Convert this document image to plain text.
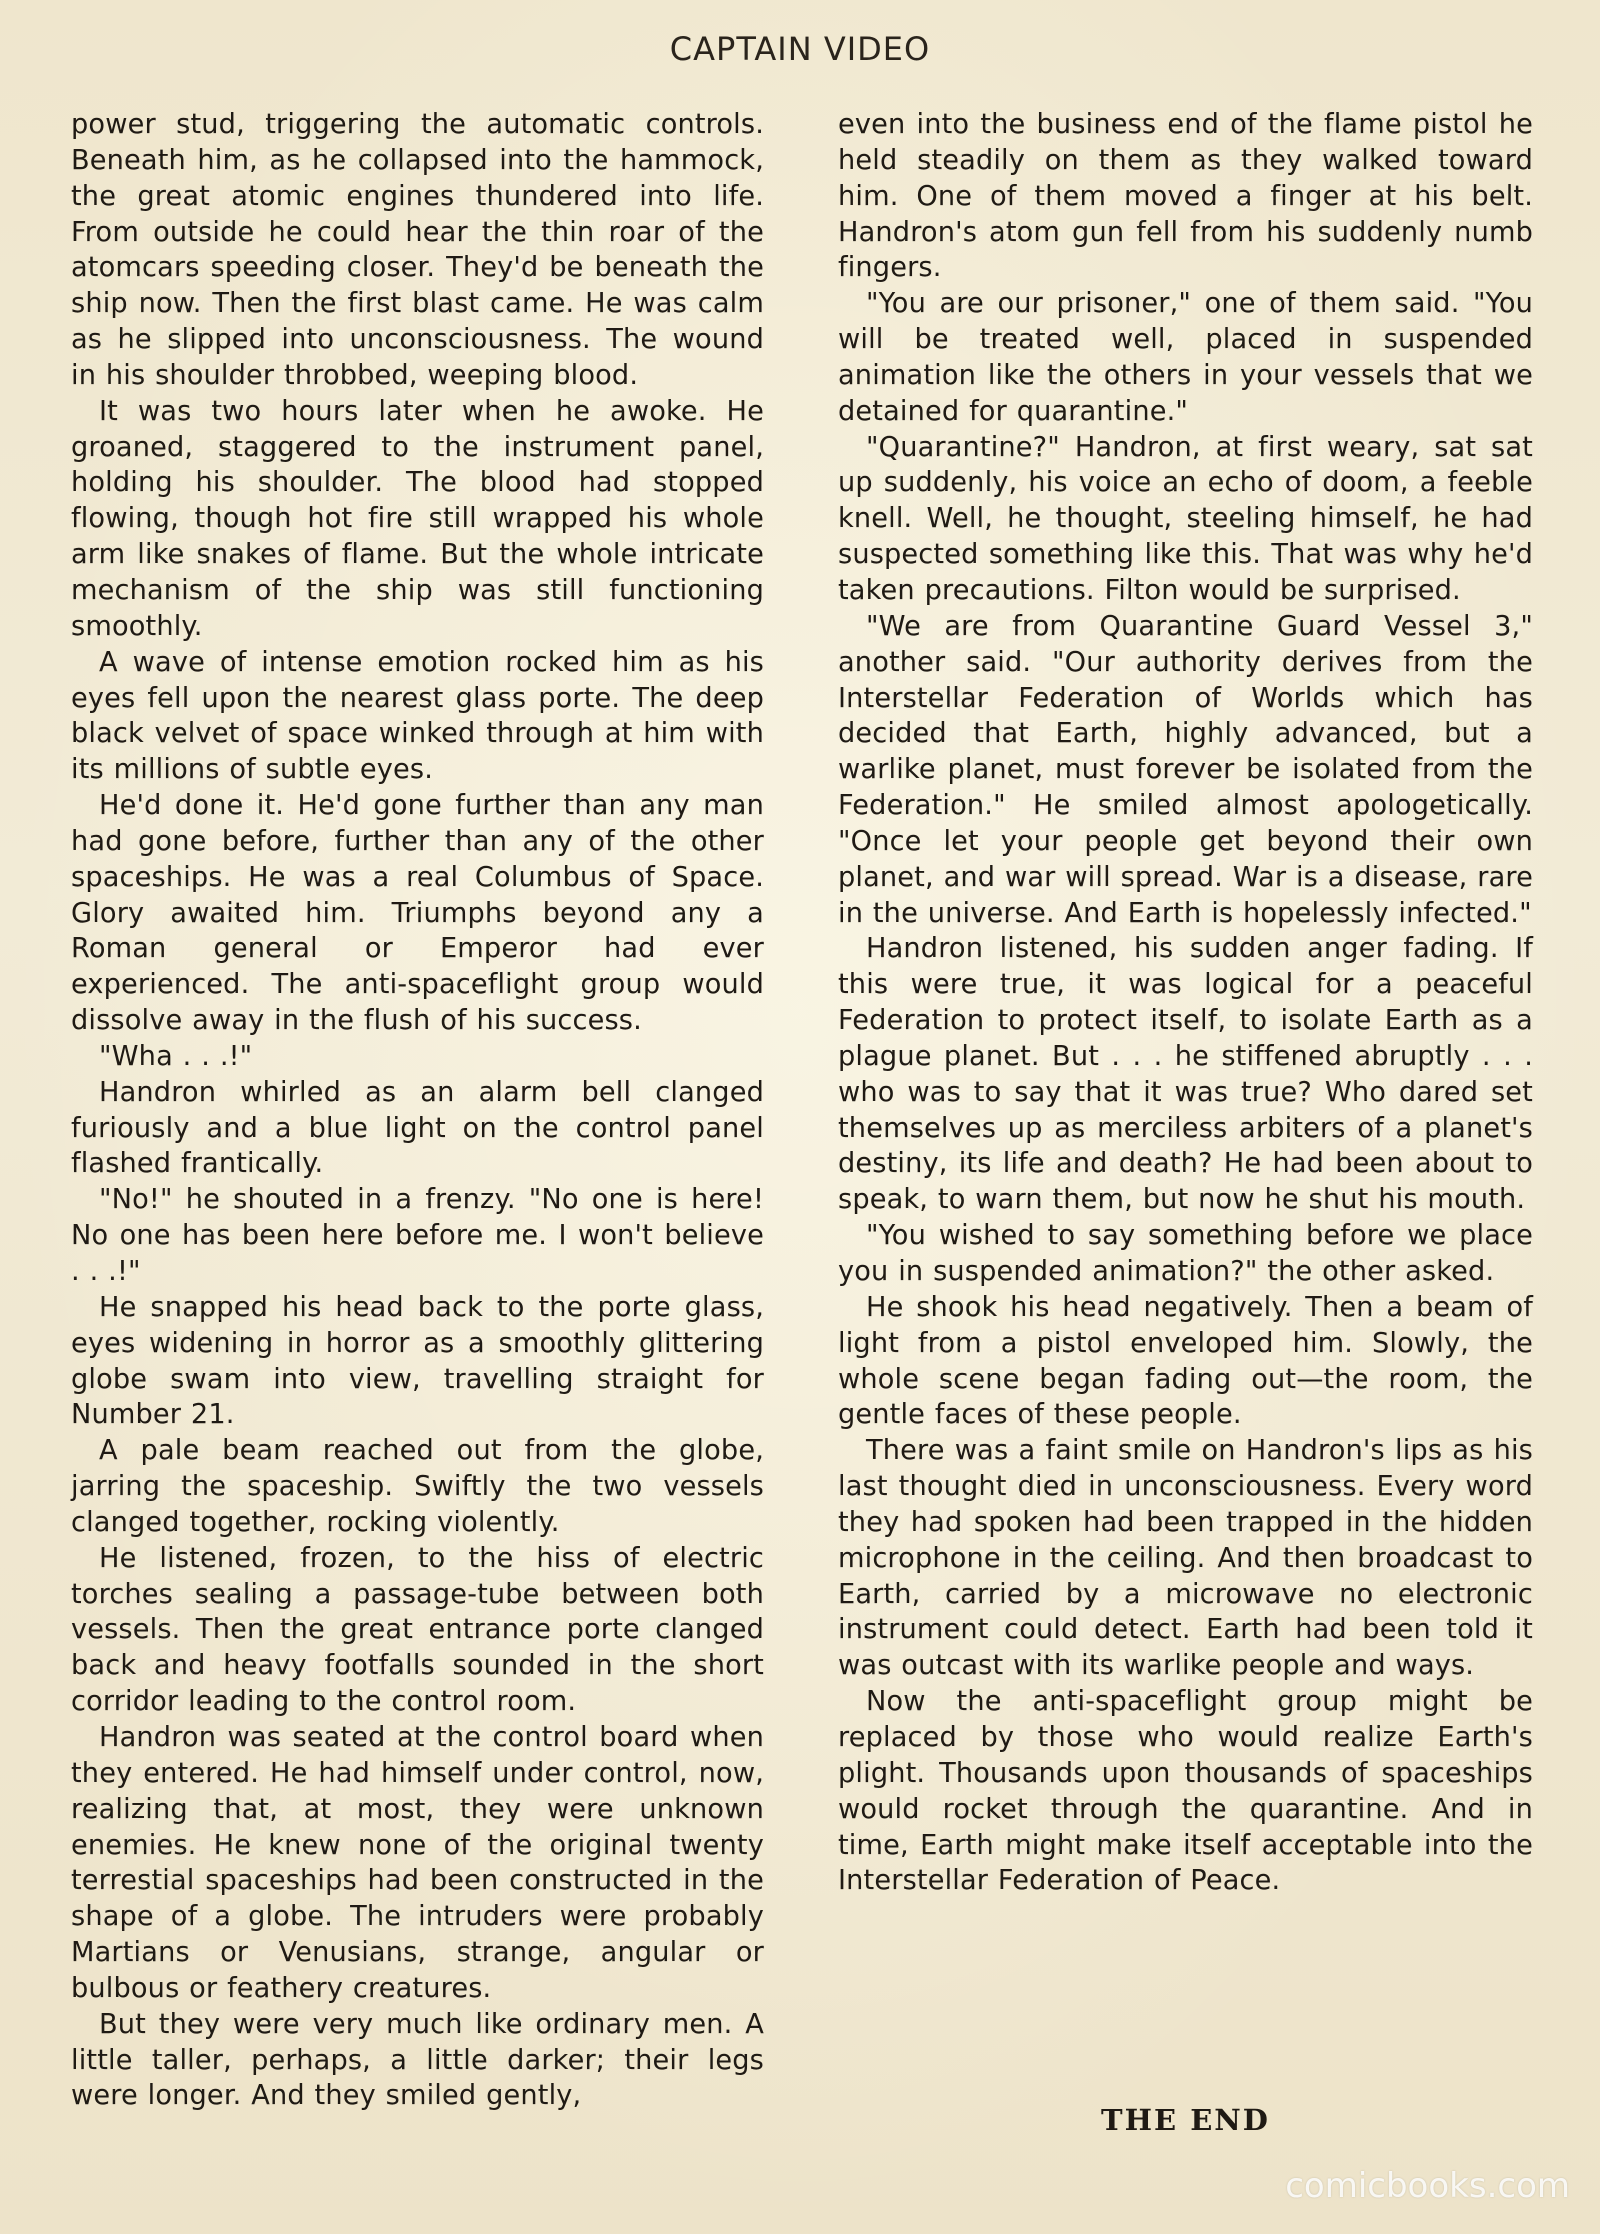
CAPTAIN VIDEO

power stud, triggering the automatic controls. Beneath him, as he collapsed into the hammock, the great atomic engines thundered into life. From outside he could hear the thin roar of the atomcars speeding closer. They'd be beneath the ship now. Then the first blast came. He was calm as he slipped into unconsciousness. The wound in his shoulder throbbed, weeping blood.

It was two hours later when he awoke. He groaned, staggered to the instrument panel, holding his shoulder. The blood had stopped flowing, though hot fire still wrapped his whole arm like snakes of flame. But the whole intricate mechanism of the ship was still functioning smoothly.

A wave of intense emotion rocked him as his eyes fell upon the nearest glass porte. The deep black velvet of space winked through at him with its millions of subtle eyes.

He'd done it. He'd gone further than any man had gone before, further than any of the other spaceships. He was a real Columbus of Space. Glory awaited him. Triumphs beyond any a Roman general or Emperor had ever experienced. The anti-spaceflight group would dissolve away in the flush of his success.

"Wha . . .!"

Handron whirled as an alarm bell clanged furiously and a blue light on the control panel flashed frantically.

"No!" he shouted in a frenzy. "No one is here! No one has been here before me. I won't believe . . .!"

He snapped his head back to the porte glass, eyes widening in horror as a smoothly glittering globe swam into view, travelling straight for Number 21.

A pale beam reached out from the globe, jarring the spaceship. Swiftly the two vessels clanged together, rocking violently.

He listened, frozen, to the hiss of electric torches sealing a passage-tube between both vessels. Then the great entrance porte clanged back and heavy footfalls sounded in the short corridor leading to the control room.

Handron was seated at the control board when they entered. He had himself under control, now, realizing that, at most, they were unknown enemies. He knew none of the original twenty terrestial spaceships had been constructed in the shape of a globe. The intruders were probably Martians or Venusians, strange, angular or bulbous or feathery creatures.

But they were very much like ordinary men. A little taller, perhaps, a little darker; their legs were longer. And they smiled gently,

even into the business end of the flame pistol he held steadily on them as they walked toward him. One of them moved a finger at his belt. Handron's atom gun fell from his suddenly numb fingers.

"You are our prisoner," one of them said. "You will be treated well, placed in suspended animation like the others in your vessels that we detained for quarantine."

"Quarantine?" Handron, at first weary, sat sat up suddenly, his voice an echo of doom, a feeble knell. Well, he thought, steeling himself, he had suspected something like this. That was why he'd taken precautions. Filton would be surprised.

"We are from Quarantine Guard Vessel 3," another said. "Our authority derives from the Interstellar Federation of Worlds which has decided that Earth, highly advanced, but a warlike planet, must forever be isolated from the Federation." He smiled almost apologetically. "Once let your people get beyond their own planet, and war will spread. War is a disease, rare in the universe. And Earth is hopelessly infected."

Handron listened, his sudden anger fading. If this were true, it was logical for a peaceful Federation to protect itself, to isolate Earth as a plague planet. But . . . he stiffened abruptly . . . who was to say that it was true? Who dared set themselves up as merciless arbiters of a planet's destiny, its life and death? He had been about to speak, to warn them, but now he shut his mouth.

"You wished to say something before we place you in suspended animation?" the other asked.

He shook his head negatively. Then a beam of light from a pistol enveloped him. Slowly, the whole scene began fading out—the room, the gentle faces of these people.

There was a faint smile on Handron's lips as his last thought died in unconsciousness. Every word they had spoken had been trapped in the hidden microphone in the ceiling. And then broadcast to Earth, carried by a microwave no electronic instrument could detect. Earth had been told it was outcast with its warlike people and ways.

Now the anti-spaceflight group might be replaced by those who would realize Earth's plight. Thousands upon thousands of spaceships would rocket through the quarantine. And in time, Earth might make itself acceptable into the Interstellar Federation of Peace.

THE END
comicbooks.com
